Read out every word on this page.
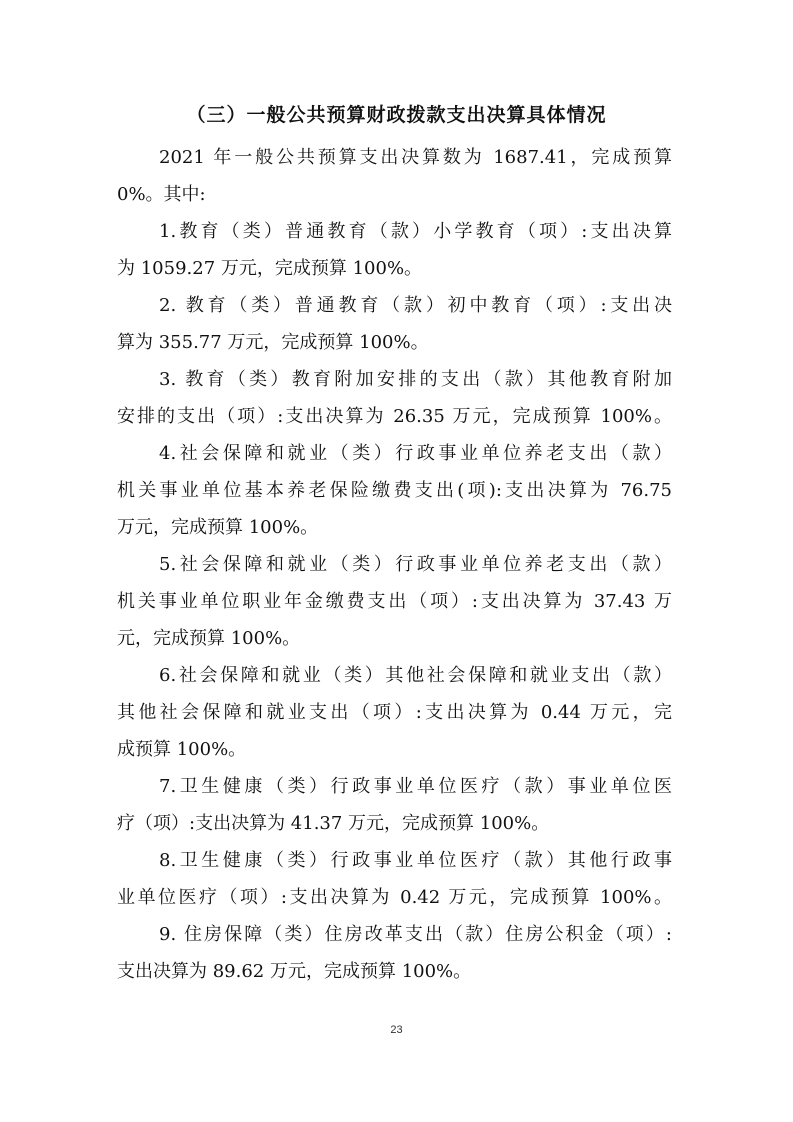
（三）一般公共预算财政拨款支出决算具体情况
2021 年一般公共预算支出决算数为 1687.41，完成预算
0%。其中:
1.教育（类）普通教育（款）小学教育（项）:支出决算
为 1059.27 万元，完成预算 100%。
2. 教育（类）普通教育（款）初中教育（项）:支出决
算为 355.77 万元，完成预算 100%。
3. 教育（类）教育附加安排的支出（款）其他教育附加
安排的支出（项）:支出决算为 26.35 万元，完成预算 100%。
4.社会保障和就业（类）行政事业单位养老支出（款）
机关事业单位基本养老保险缴费支出(项):支出决算为 76.75
万元，完成预算 100%。
5.社会保障和就业（类）行政事业单位养老支出（款）
机关事业单位职业年金缴费支出（项）:支出决算为 37.43 万
元，完成预算 100%。
6.社会保障和就业（类）其他社会保障和就业支出（款）
其他社会保障和就业支出（项）:支出决算为 0.44 万元，完
成预算 100%。
7.卫生健康（类）行政事业单位医疗（款）事业单位医
疗（项）:支出决算为 41.37 万元，完成预算 100%。
8.卫生健康（类）行政事业单位医疗（款）其他行政事
业单位医疗（项）:支出决算为 0.42 万元，完成预算 100%。
9. 住房保障（类）住房改革支出（款）住房公积金（项）:
支出决算为 89.62 万元，完成预算 100%。
23
